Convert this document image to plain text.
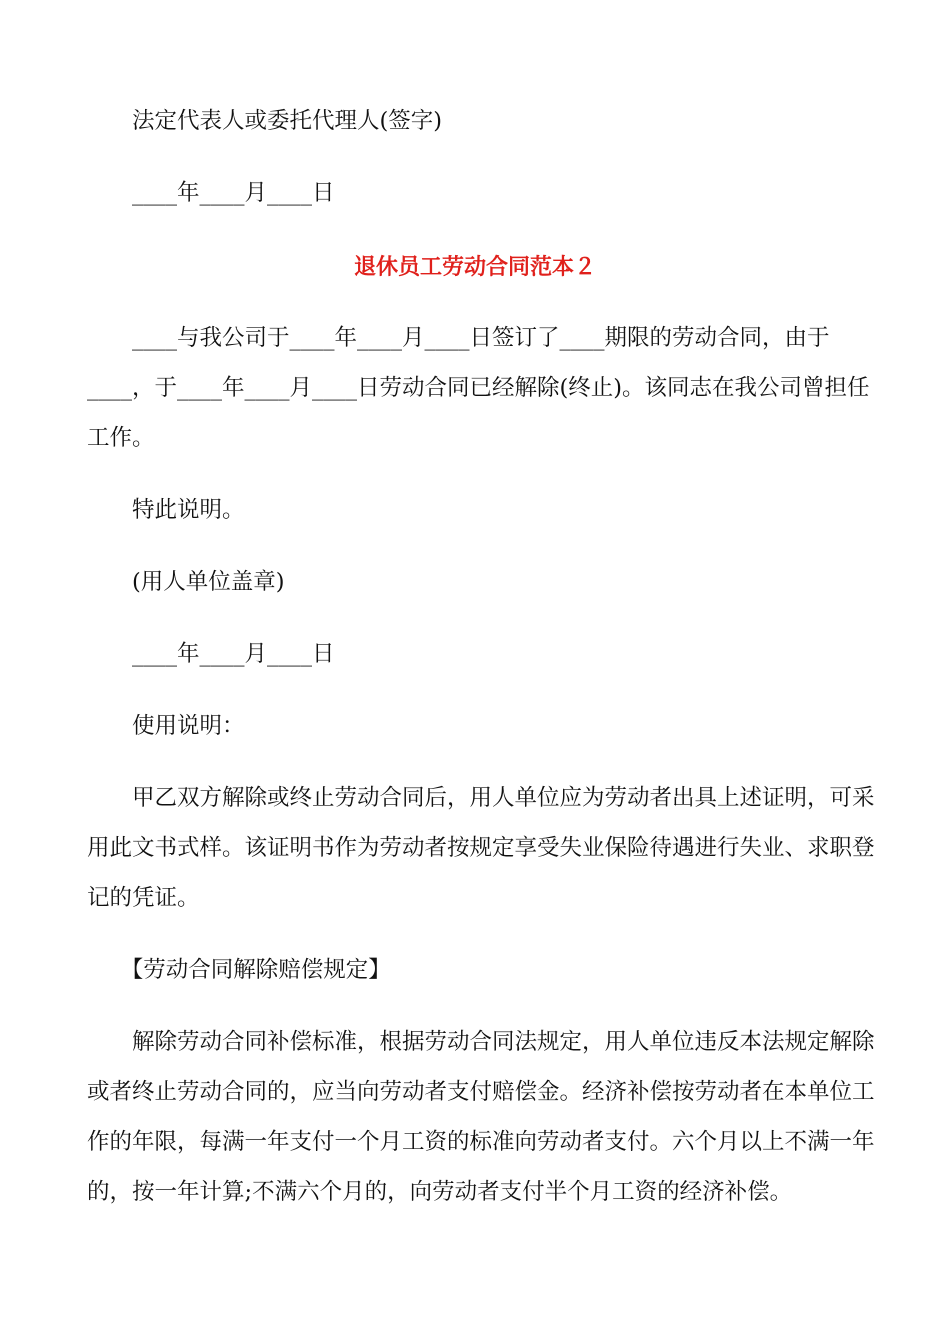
　　法定代表人或委托代理人(签字)
　　____年____月____日
退休员工劳动合同范本２
　　____与我公司于____年____月____日签订了____期限的劳动合同，由于
____，于____年____月____日劳动合同已经解除(终止)。该同志在我公司曾担任
工作。
　　特此说明。
　　(用人单位盖章)
　　____年____月____日
　　使用说明：
　　甲乙双方解除或终止劳动合同后，用人单位应为劳动者出具上述证明，可采
用此文书式样。该证明书作为劳动者按规定享受失业保险待遇进行失业、求职登
记的凭证。
　　【劳动合同解除赔偿规定】
　　解除劳动合同补偿标准，根据劳动合同法规定，用人单位违反本法规定解除
或者终止劳动合同的，应当向劳动者支付赔偿金。经济补偿按劳动者在本单位工
作的年限，每满一年支付一个月工资的标准向劳动者支付。六个月以上不满一年
的，按一年计算;不满六个月的，向劳动者支付半个月工资的经济补偿。
